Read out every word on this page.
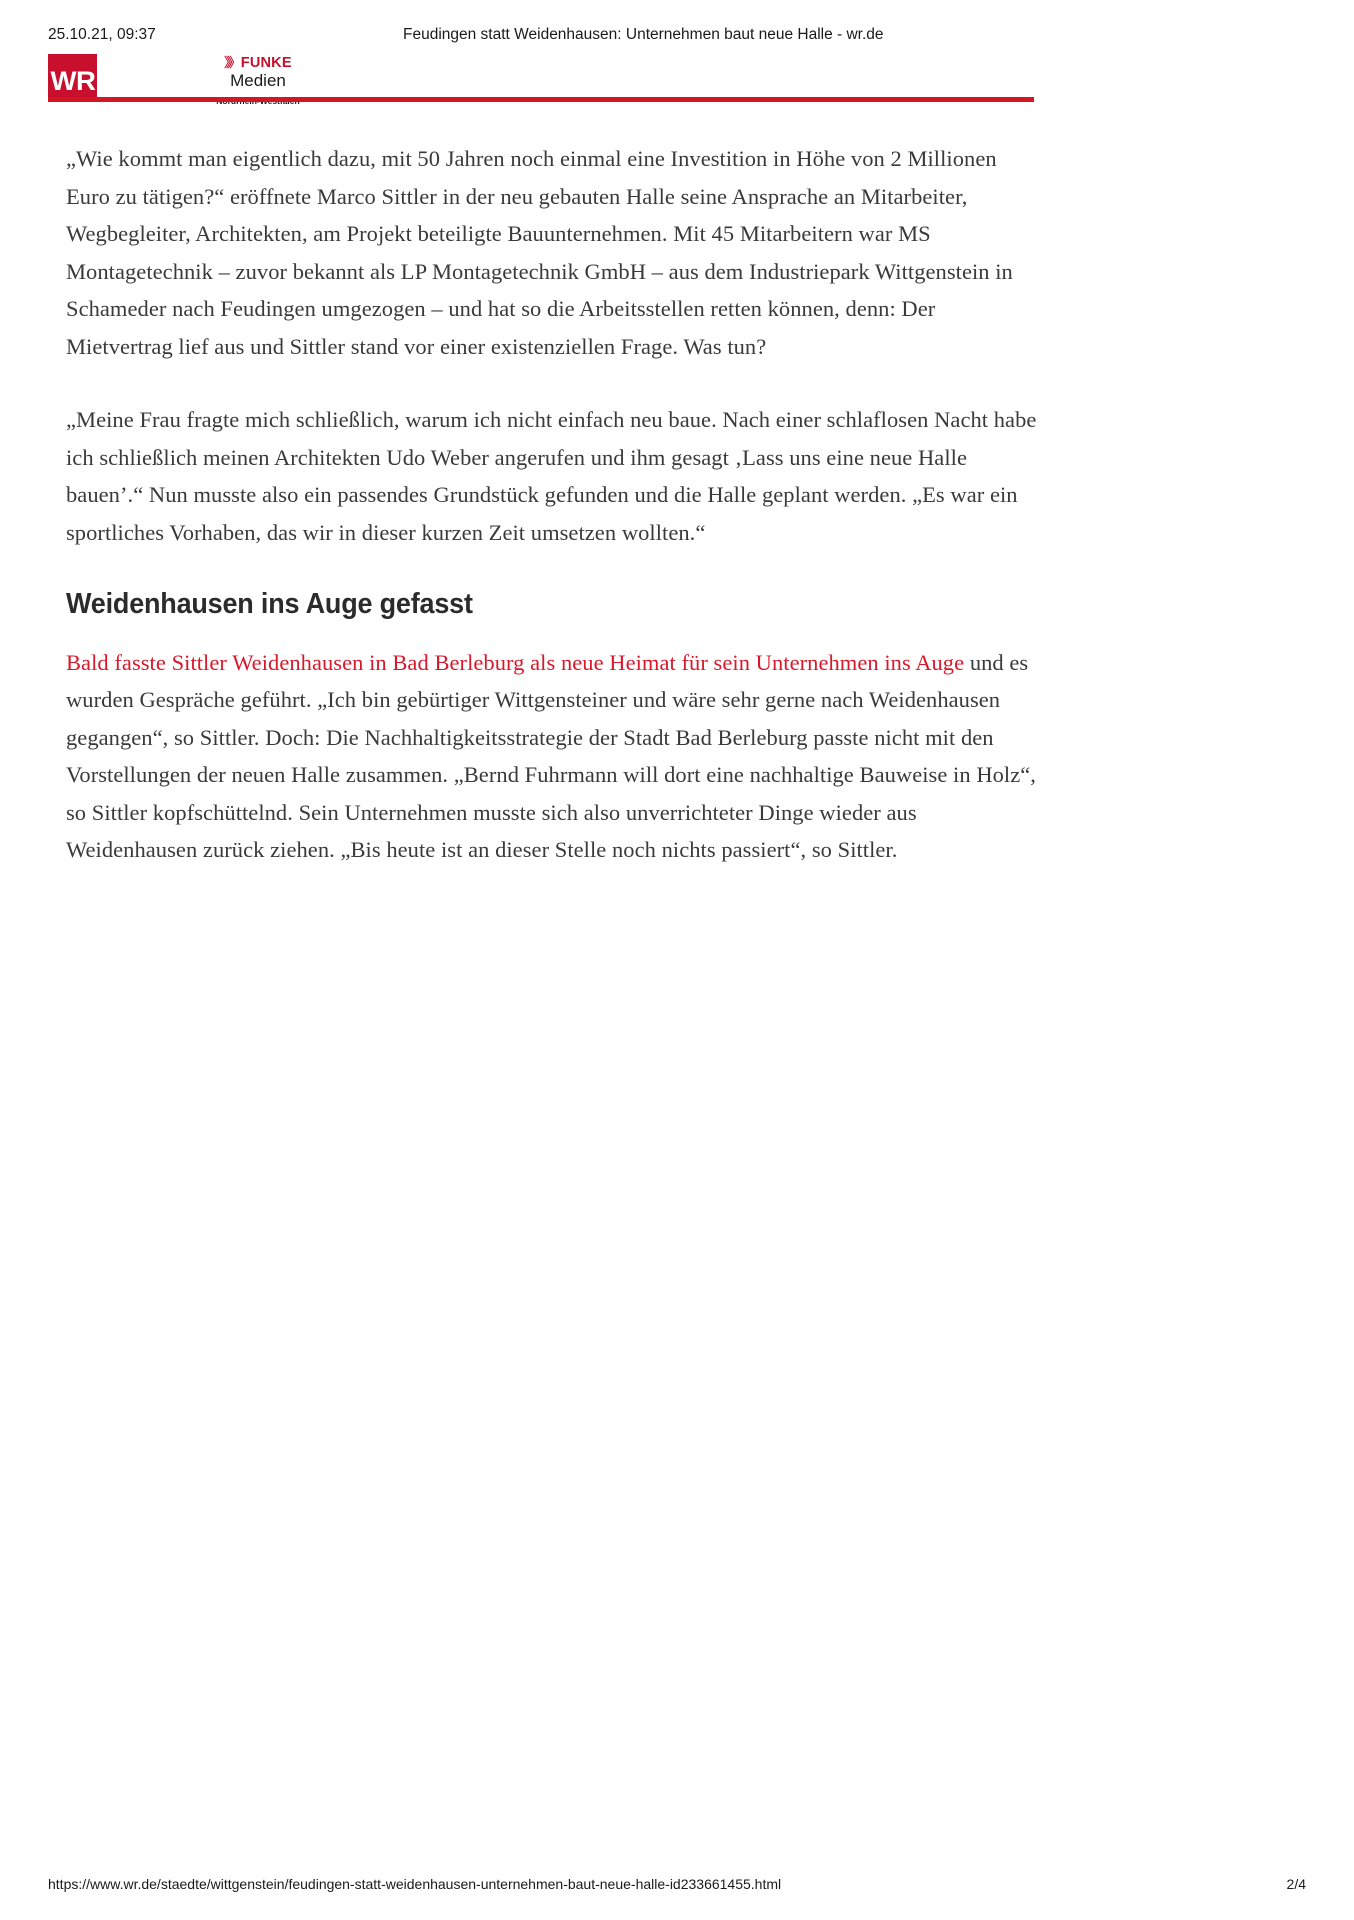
25.10.21, 09:37	Feudingen statt Weidenhausen: Unternehmen baut neue Halle - wr.de
WR
》》 FUNKE
Medien

„Wie kommt man eigentlich dazu, mit 50 Jahren noch einmal eine Investition in Höhe von 2 Millionen Euro zu tätigen?“ eröffnete Marco Sittler in der neu gebauten Halle seine Ansprache an Mitarbeiter, Wegbegleiter, Architekten, am Projekt beteiligte Bauunternehmen. Mit 45 Mitarbeitern war MS Montagetechnik – zuvor bekannt als LP Montagetechnik GmbH – aus dem Industriepark Wittgenstein in Schameder nach Feudingen umgezogen – und hat so die Arbeitsstellen retten können, denn: Der Mietvertrag lief aus und Sittler stand vor einer existenziellen Frage. Was tun?

„Meine Frau fragte mich schließlich, warum ich nicht einfach neu baue. Nach einer schlaflosen Nacht habe ich schließlich meinen Architekten Udo Weber angerufen und ihm gesagt ‚Lass uns eine neue Halle bauen’.“ Nun musste also ein passendes Grundstück gefunden und die Halle geplant werden. „Es war ein sportliches Vorhaben, das wir in dieser kurzen Zeit umsetzen wollten.“

Weidenhausen ins Auge gefasst

Bald fasste Sittler Weidenhausen in Bad Berleburg als neue Heimat für sein Unternehmen ins Auge und es wurden Gespräche geführt. „Ich bin gebürtiger Wittgensteiner und wäre sehr gerne nach Weidenhausen gegangen“, so Sittler. Doch: Die Nachhaltigkeitsstrategie der Stadt Bad Berleburg passte nicht mit den Vorstellungen der neuen Halle zusammen. „Bernd Fuhrmann will dort eine nachhaltige Bauweise in Holz“, so Sittler kopfschüttelnd. Sein Unternehmen musste sich also unverrichteter Dinge wieder aus Weidenhausen zurück ziehen. „Bis heute ist an dieser Stelle noch nichts passiert“, so Sittler.

https://www.wr.de/staedte/wittgenstein/feudingen-statt-weidenhausen-unternehmen-baut-neue-halle-id233661455.html	2/4
